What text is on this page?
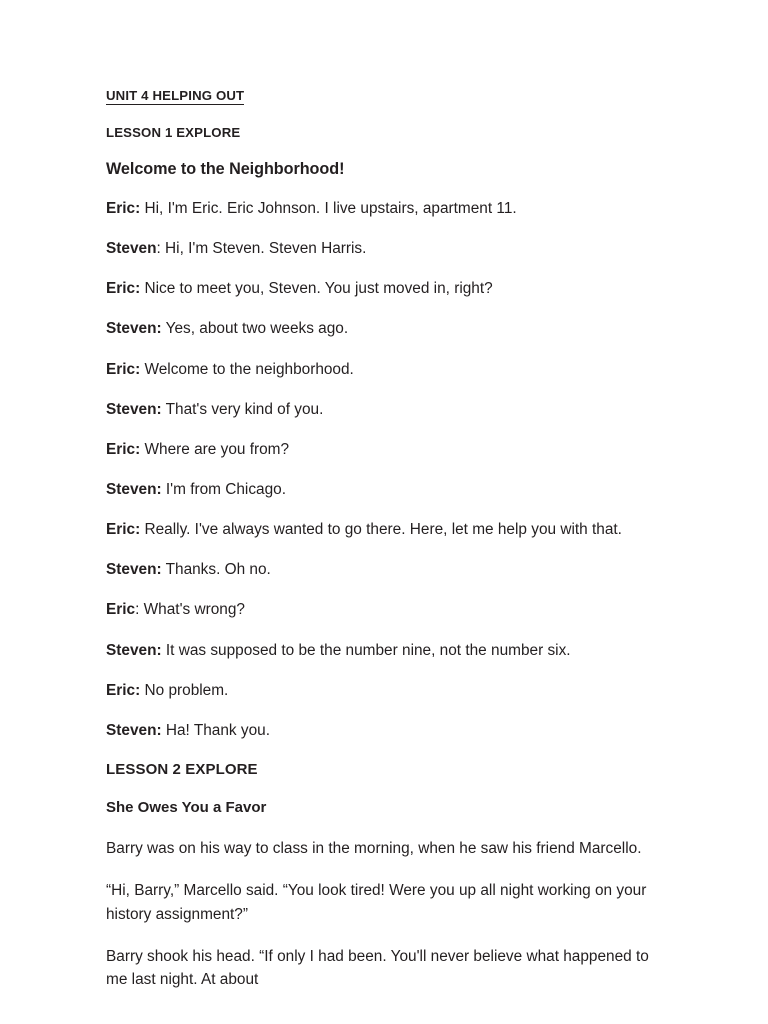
UNIT 4 HELPING OUT
LESSON 1 EXPLORE
Welcome to the Neighborhood!

Eric: Hi, I'm Eric. Eric Johnson. I live upstairs, apartment 11.

Steven: Hi, I'm Steven. Steven Harris.

Eric: Nice to meet you, Steven. You just moved in, right?

Steven: Yes, about two weeks ago.

Eric: Welcome to the neighborhood.

Steven: That's very kind of you.

Eric: Where are you from?

Steven: I'm from Chicago.

Eric: Really. I've always wanted to go there. Here, let me help you with that.

Steven: Thanks. Oh no.

Eric: What's wrong?

Steven: It was supposed to be the number nine, not the number six.

Eric: No problem.

Steven: Ha! Thank you.

LESSON 2 EXPLORE
She Owes You a Favor

Barry was on his way to class in the morning, when he saw his friend Marcello.

“Hi, Barry,” Marcello said. “You look tired! Were you up all night working on your history assignment?”

Barry shook his head. “If only I had been. You'll never believe what happened to me last night. At about
